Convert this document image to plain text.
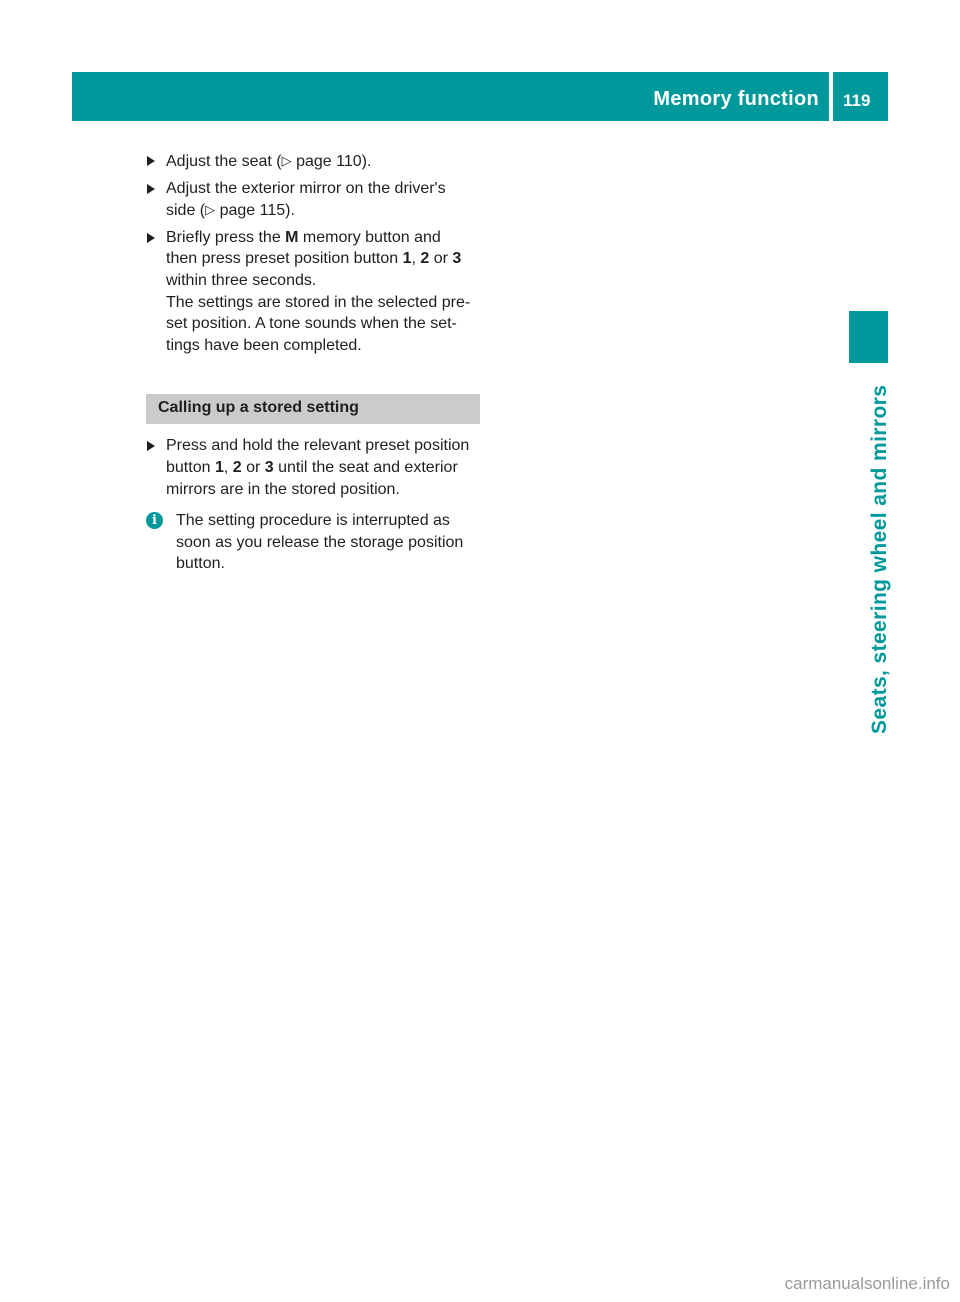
Memory function 119
Seats, steering wheel and mirrors
Adjust the seat (▷ page 110).
Adjust the exterior mirror on the driver's
side (▷ page 115).
Briefly press the M memory button and
then press preset position button 1, 2 or 3
within three seconds.
The settings are stored in the selected pre-
set position. A tone sounds when the set-
tings have been completed.
Calling up a stored setting
Press and hold the relevant preset position
button 1, 2 or 3 until the seat and exterior
mirrors are in the stored position.
i	The setting procedure is interrupted as
soon as you release the storage position
button.
carmanualsonline.info
